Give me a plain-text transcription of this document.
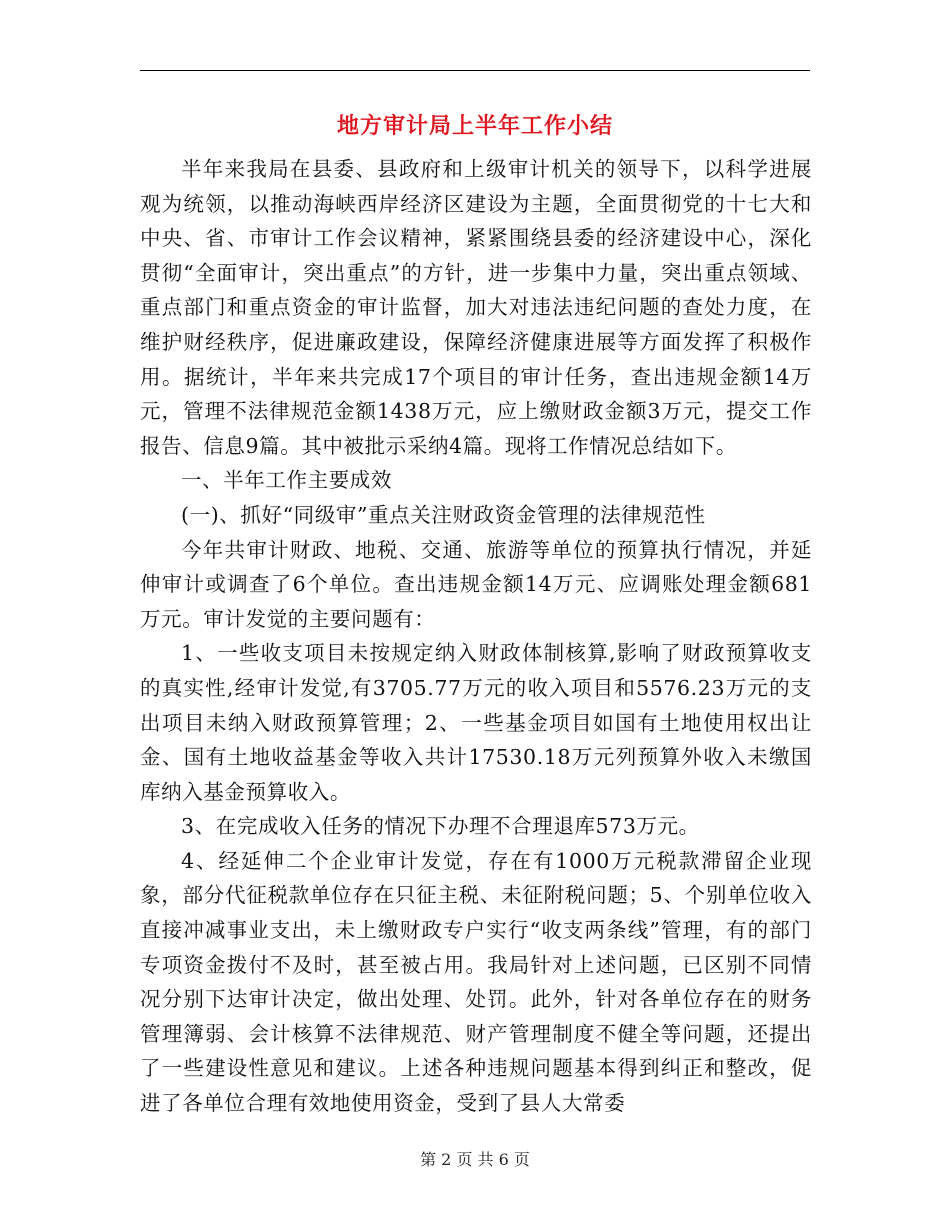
地方审计局上半年工作小结

半年来我局在县委、县政府和上级审计机关的领导下，以科学进展观为统领，以推动海峡西岸经济区建设为主题，全面贯彻党的十七大和中央、省、市审计工作会议精神，紧紧围绕县委的经济建设中心，深化贯彻“全面审计，突出重点”的方针，进一步集中力量，突出重点领域、重点部门和重点资金的审计监督，加大对违法违纪问题的查处力度，在维护财经秩序，促进廉政建设，保障经济健康进展等方面发挥了积极作用。据统计，半年来共完成17个项目的审计任务，查出违规金额14万元，管理不法律规范金额1438万元，应上缴财政金额3万元，提交工作报告、信息9篇。其中被批示采纳4篇。现将工作情况总结如下。

一、半年工作主要成效

(一)、抓好“同级审”重点关注财政资金管理的法律规范性

今年共审计财政、地税、交通、旅游等单位的预算执行情况，并延伸审计或调查了6个单位。查出违规金额14万元、应调账处理金额681万元。审计发觉的主要问题有：

1、一些收支项目未按规定纳入财政体制核算,影响了财政预算收支的真实性,经审计发觉,有3705.77万元的收入项目和5576.23万元的支出项目未纳入财政预算管理；2、一些基金项目如国有土地使用权出让金、国有土地收益基金等收入共计17530.18万元列预算外收入未缴国库纳入基金预算收入。

3、在完成收入任务的情况下办理不合理退库573万元。

4、经延伸二个企业审计发觉，存在有1000万元税款滞留企业现象，部分代征税款单位存在只征主税、未征附税问题；5、个别单位收入直接冲减事业支出，未上缴财政专户实行“收支两条线”管理，有的部门专项资金拨付不及时，甚至被占用。我局针对上述问题，已区别不同情况分别下达审计决定，做出处理、处罚。此外，针对各单位存在的财务管理簿弱、会计核算不法律规范、财产管理制度不健全等问题，还提出了一些建设性意见和建议。上述各种违规问题基本得到纠正和整改，促进了各单位合理有效地使用资金，受到了县人大常委

第 2 页 共 6 页
